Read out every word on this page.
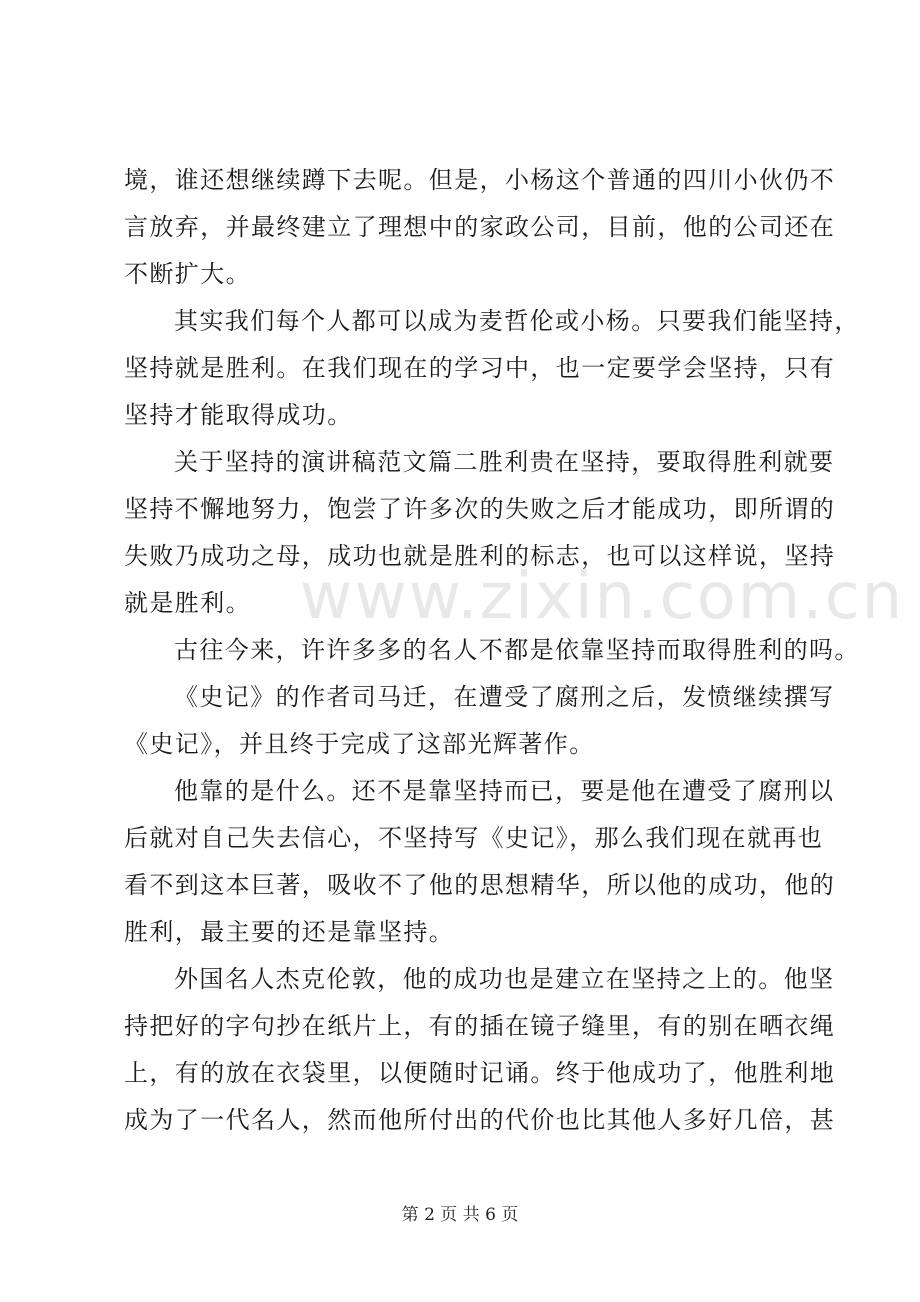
www.zixin.com.cn
境，谁还想继续蹲下去呢。但是，小杨这个普通的四川小伙仍不
言放弃，并最终建立了理想中的家政公司，目前，他的公司还在
不断扩大。
其实我们每个人都可以成为麦哲伦或小杨。只要我们能坚持，
坚持就是胜利。在我们现在的学习中，也一定要学会坚持，只有
坚持才能取得成功。
关于坚持的演讲稿范文篇二胜利贵在坚持，要取得胜利就要
坚持不懈地努力，饱尝了许多次的失败之后才能成功，即所谓的
失败乃成功之母，成功也就是胜利的标志，也可以这样说，坚持
就是胜利。
古往今来，许许多多的名人不都是依靠坚持而取得胜利的吗。
《史记》的作者司马迁，在遭受了腐刑之后，发愤继续撰写
《史记》，并且终于完成了这部光辉著作。
他靠的是什么。还不是靠坚持而已，要是他在遭受了腐刑以
后就对自己失去信心，不坚持写《史记》，那么我们现在就再也
看不到这本巨著，吸收不了他的思想精华，所以他的成功，他的
胜利，最主要的还是靠坚持。
外国名人杰克伦敦，他的成功也是建立在坚持之上的。他坚
持把好的字句抄在纸片上，有的插在镜子缝里，有的别在晒衣绳
上，有的放在衣袋里，以便随时记诵。终于他成功了，他胜利地
成为了一代名人，然而他所付出的代价也比其他人多好几倍，甚
第 2 页 共 6 页
